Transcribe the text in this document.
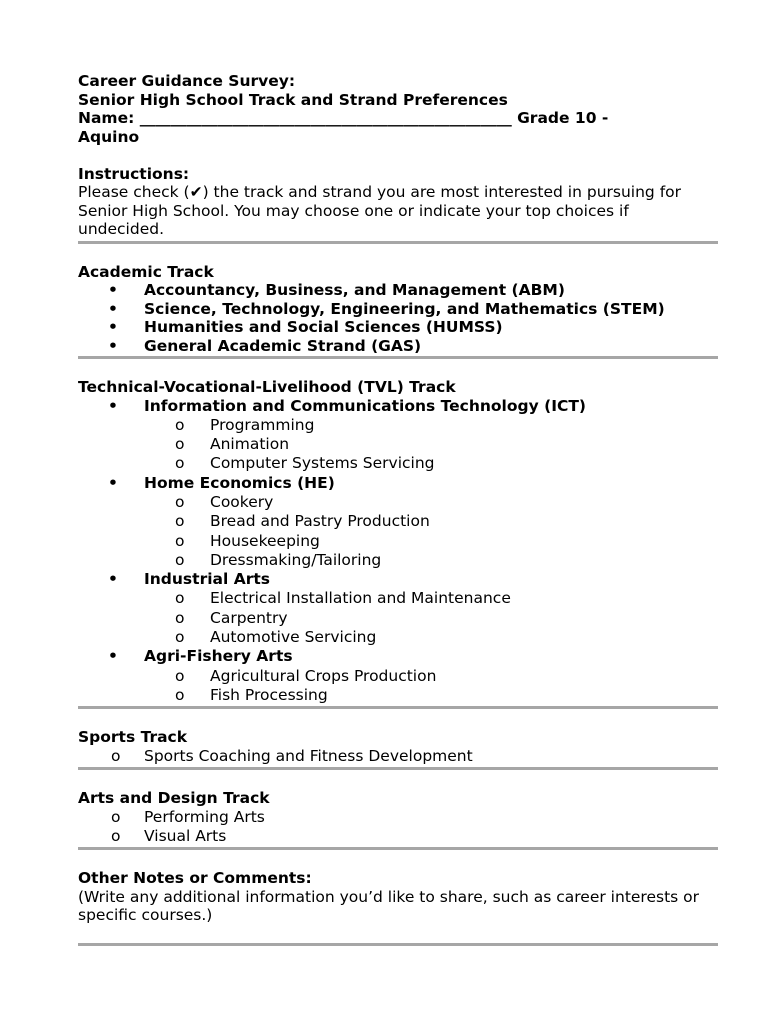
Career Guidance Survey:
Senior High School Track and Strand Preferences
Name: ________________________________________________ Grade 10 -
Aquino
Instructions:
Please check (✔) the track and strand you are most interested in pursuing for Senior High School. You may choose one or indicate your top choices if undecided.
Academic Track
• Accountancy, Business, and Management (ABM)
• Science, Technology, Engineering, and Mathematics (STEM)
• Humanities and Social Sciences (HUMSS)
• General Academic Strand (GAS)
Technical-Vocational-Livelihood (TVL) Track
• Information and Communications Technology (ICT)
o Programming
o Animation
o Computer Systems Servicing
• Home Economics (HE)
o Cookery
o Bread and Pastry Production
o Housekeeping
o Dressmaking/Tailoring
• Industrial Arts
o Electrical Installation and Maintenance
o Carpentry
o Automotive Servicing
• Agri-Fishery Arts
o Agricultural Crops Production
o Fish Processing
Sports Track
o Sports Coaching and Fitness Development
Arts and Design Track
o Performing Arts
o Visual Arts
Other Notes or Comments:
(Write any additional information you’d like to share, such as career interests or specific courses.)
